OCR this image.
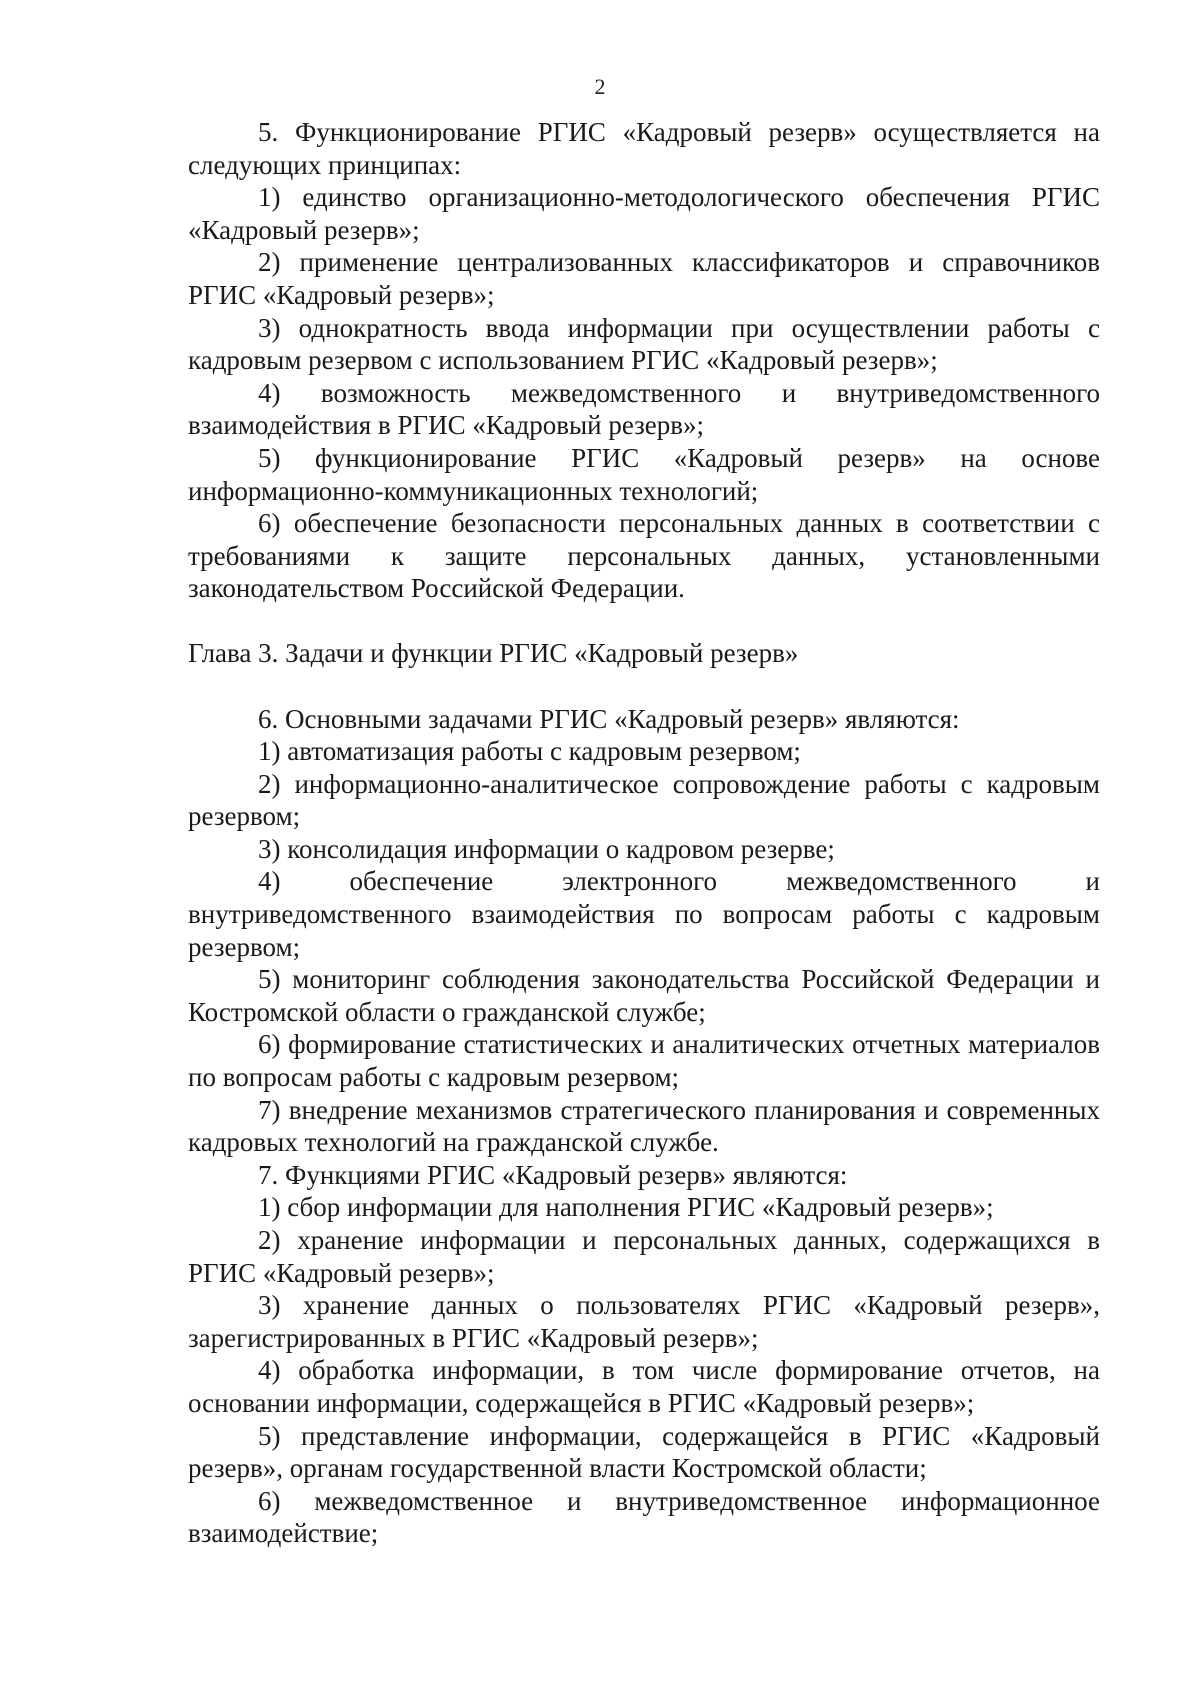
2

5. Функционирование РГИС «Кадровый резерв» осуществляется на следующих принципах:

1) единство организационно-методологического обеспечения РГИС «Кадровый резерв»;

2) применение централизованных классификаторов и справочников РГИС «Кадровый резерв»;

3) однократность ввода информации при осуществлении работы с кадровым резервом с использованием РГИС «Кадровый резерв»;

4) возможность межведомственного и внутриведомственного взаимодействия в РГИС «Кадровый резерв»;

5) функционирование РГИС «Кадровый резерв» на основе информационно-коммуникационных технологий;

6) обеспечение безопасности персональных данных в соответствии с требованиями к защите персональных данных, установленными законодательством Российской Федерации.

Глава 3. Задачи и функции РГИС «Кадровый резерв»

6. Основными задачами РГИС «Кадровый резерв» являются:

1) автоматизация работы с кадровым резервом;

2) информационно-аналитическое сопровождение работы с кадровым резервом;

3) консолидация информации о кадровом резерве;

4) обеспечение электронного межведомственного и внутриведомственного взаимодействия по вопросам работы с кадровым резервом;

5) мониторинг соблюдения законодательства Российской Федерации и Костромской области о гражданской службе;

6) формирование статистических и аналитических отчетных материалов по вопросам работы с кадровым резервом;

7) внедрение механизмов стратегического планирования и современных кадровых технологий на гражданской службе.

7. Функциями РГИС «Кадровый резерв» являются:

1) сбор информации для наполнения РГИС «Кадровый резерв»;

2) хранение информации и персональных данных, содержащихся в РГИС «Кадровый резерв»;

3) хранение данных о пользователях РГИС «Кадровый резерв», зарегистрированных в РГИС «Кадровый резерв»;

4) обработка информации, в том числе формирование отчетов, на основании информации, содержащейся в РГИС «Кадровый резерв»;

5) представление информации, содержащейся в РГИС «Кадровый резерв», органам государственной власти Костромской области;

6) межведомственное и внутриведомственное информационное взаимодействие;
